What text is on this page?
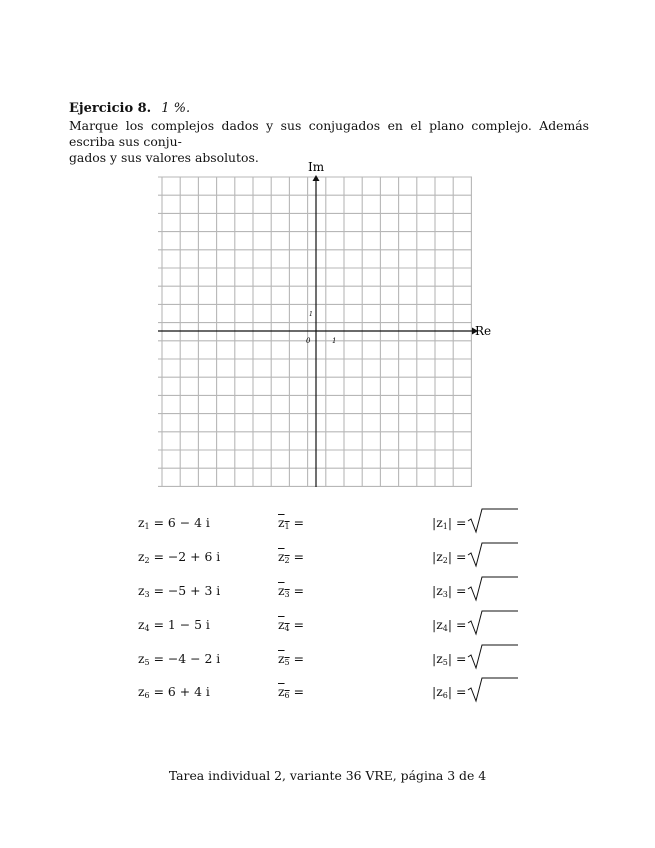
Ejercicio 8. 1 %.
Marque los complejos dados y sus conjugados en el plano complejo. Además escriba sus conju-
gados y sus valores absolutos.
Re
Im
0	1
1
$z_1 = 6 - 4$ i	$z_1$ =	$|z_1|$ =
$z_2 = -2 + 6$ i	$z_2$ =	$|z_2|$ =
$z_3 = -5 + 3$ i	$z_3$ =	$|z_3|$ =
$z_4 = 1 - 5$ i	$z_4$ =	$|z_4|$ =
$z_5 = -4 - 2$ i	$z_5$ =	$|z_5|$ =
$z_6 = 6 + 4$ i	$z_6$ =	$|z_6|$ =
Tarea individual 2, variante 36 VRE, página 3 de 4
